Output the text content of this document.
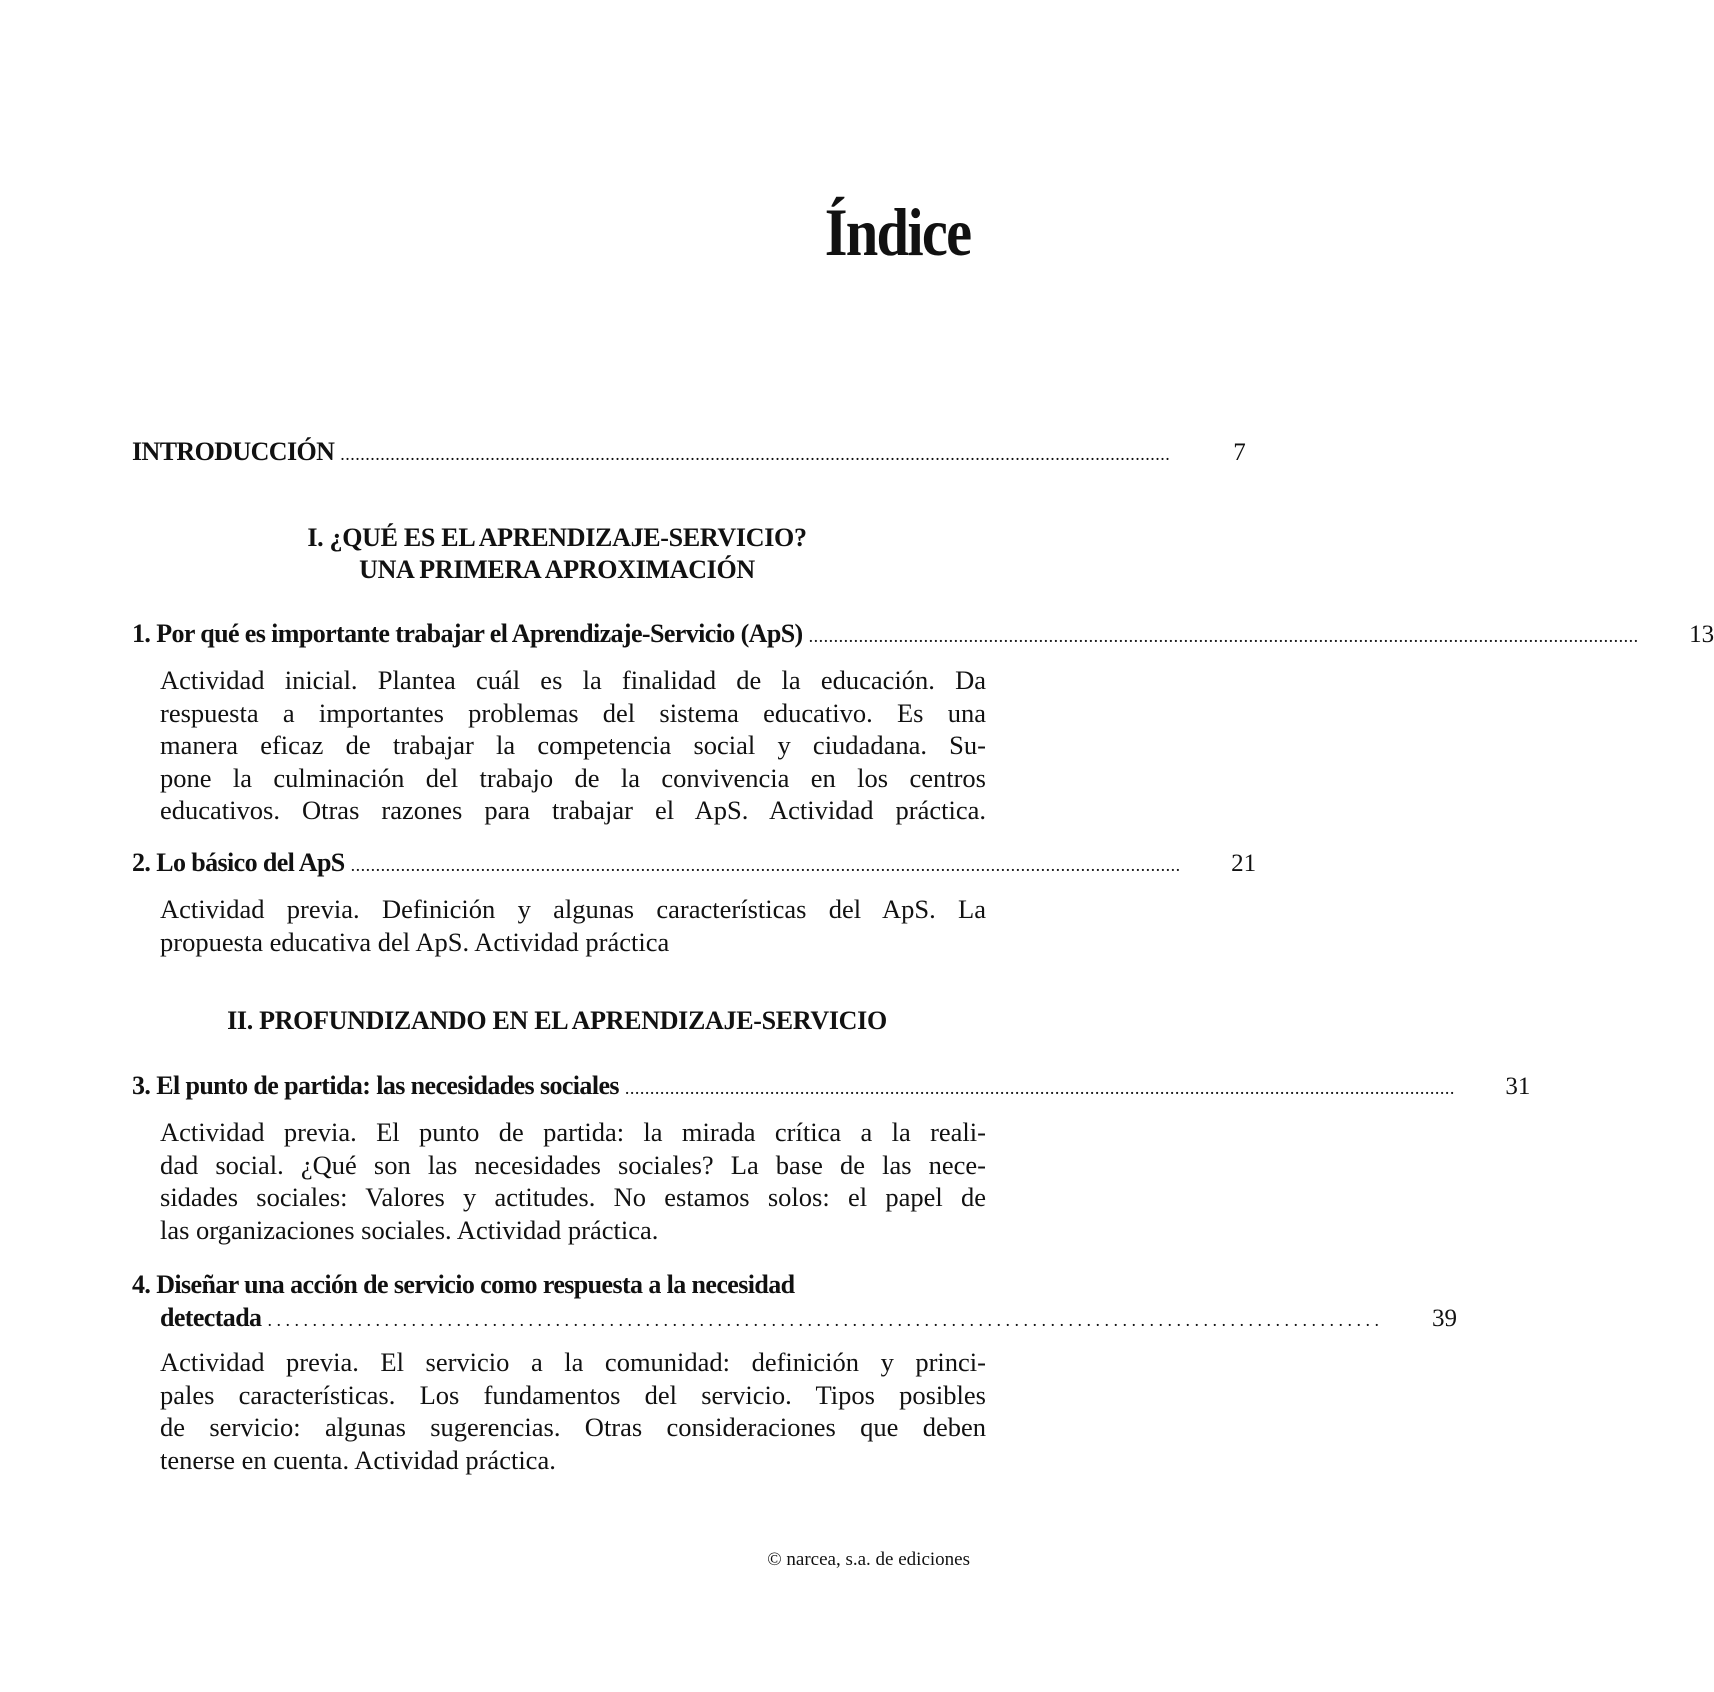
Índice
INTRODUCCIÓN . . .	7
I. ¿QUÉ ES EL APRENDIZAJE-SERVICIO?
UNA PRIMERA APROXIMACIÓN
1. Por qué es importante trabajar el Aprendizaje-Servicio (ApS) . . .	13
Actividad inicial. Plantea cuál es la finalidad de la educación. Da
respuesta a importantes problemas del sistema educativo. Es una
manera eficaz de trabajar la competencia social y ciudadana. Su-
pone la culminación del trabajo de la convivencia en los centros
educativos. Otras razones para trabajar el ApS. Actividad práctica.
2. Lo básico del ApS . . .	21
Actividad previa. Definición y algunas características del ApS. La
propuesta educativa del ApS. Actividad práctica
II. PROFUNDIZANDO EN EL APRENDIZAJE-SERVICIO
3. El punto de partida: las necesidades sociales . . .	31
Actividad previa. El punto de partida: la mirada crítica a la reali-
dad social. ¿Qué son las necesidades sociales? La base de las nece-
sidades sociales: Valores y actitudes. No estamos solos: el papel de
las organizaciones sociales. Actividad práctica.
4. Diseñar una acción de servicio como respuesta a la necesidad
detectada . . . . . . . . . . . . . . . . . . . . . . . . . . . . . . . . . . . . . . . . . . . . . . . . . . . . . . . . . . . . . . . . . . . . . . . . . . . . . . . . . . . . . . . . . . . . . . . . . . . . . . . . . . . . . . . . . . . . . . . . . . . .	39
Actividad previa. El servicio a la comunidad: definición y princi-
pales características. Los fundamentos del servicio. Tipos posibles
de servicio: algunas sugerencias. Otras consideraciones que deben
tenerse en cuenta. Actividad práctica.
© narcea, s.a. de ediciones
